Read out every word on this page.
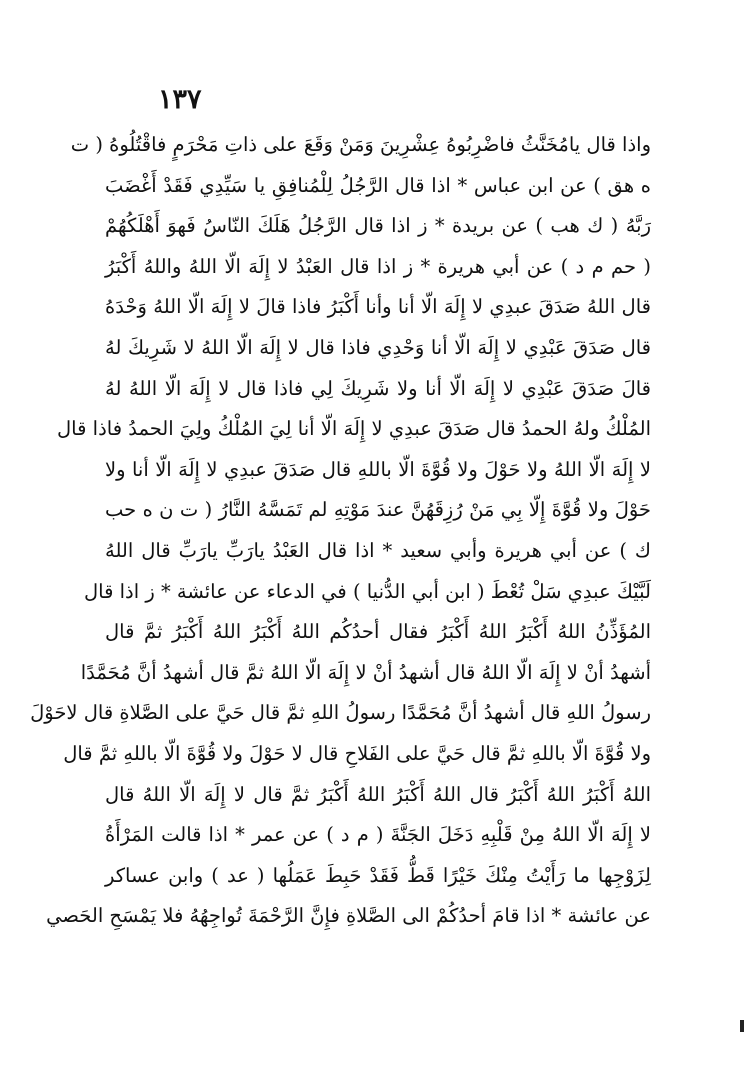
١٣٧
واذا قال يامُخَنَّثُ فاضْرِبُوهُ عِشْرِينَ وَمَنْ وَقَعَ على ذاتِ مَحْرَمٍ فاقْتُلُوهُ ( ت
ه هق ) عن ابن عباس * اذا قال الرَّجُلُ لِلْمُنافِقِ يا سَيِّدِي فَقَدْ أَغْضَبَ
رَبَّهُ ( ك هب ) عن بريدة * ز اذا قال الرَّجُلُ هَلَكَ النّاسُ فَهوَ أَهْلَكُهُمْ
( حم م د ) عن أبي هريرة * ز اذا قال العَبْدُ لا إِلَهَ الّا اللهُ واللهُ أَكْبَرُ
قال اللهُ صَدَقَ عبدِي لا إِلَهَ الّا أنا وأنا أَكْبَرُ فاذا قالَ لا إِلَهَ الّا اللهُ وَحْدَهُ
قال صَدَقَ عَبْدِي لا إِلَهَ الّا أنا وَحْدِي فاذا قال لا إِلَهَ الّا اللهُ لا شَرِيكَ لهُ
قالَ صَدَقَ عَبْدِي لا إِلَهَ الّا أنا ولا شَرِيكَ لِي فاذا قال لا إِلَهَ الّا اللهُ لهُ
المُلْكُ ولهُ الحمدُ قال صَدَقَ عبدِي لا إِلَهَ الّا أنا لِيَ المُلْكُ ولِيَ الحمدُ فاذا قال
لا إِلَهَ الّا اللهُ ولا حَوْلَ ولا قُوَّةَ الّا باللهِ قال صَدَقَ عبدِي لا إِلَهَ الّا أنا ولا
حَوْلَ ولا قُوَّةَ إِلّا بِي مَنْ رُزِقَهُنَّ عندَ مَوْتِهِ لم تَمَسَّهُ النَّارُ ( ت ن ه حب
ك ) عن أبي هريرة وأبي سعيد * اذا قال العَبْدُ يارَبِّ يارَبِّ قال اللهُ
لَبَّيْكَ عبدِي سَلْ تُعْطَ ( ابن أبي الدُّنيا ) في الدعاء عن عائشة * ز اذا قال
المُؤَذِّنُ اللهُ أَكْبَرُ اللهُ أَكْبَرُ فقال أحدُكُم اللهُ أَكْبَرُ اللهُ أَكْبَرُ ثمَّ قال
أشهدُ أنْ لا إِلَهَ الّا اللهُ قال أشهدُ أنْ لا إِلَهَ الّا اللهُ ثمَّ قال أشهدُ أنَّ مُحَمَّدًا
رسولُ اللهِ قال أشهدُ أنَّ مُحَمَّدًا رسولُ اللهِ ثمَّ قال حَيَّ على الصَّلاةِ قال لاحَوْلَ
ولا قُوَّةَ الّا باللهِ ثمَّ قال حَيَّ على الفَلاحِ قال لا حَوْلَ ولا قُوَّةَ الّا باللهِ ثمَّ قال
اللهُ أَكْبَرُ اللهُ أَكْبَرُ قال اللهُ أَكْبَرُ اللهُ أَكْبَرُ ثمَّ قال لا إِلَهَ الّا اللهُ قال
لا إِلَهَ الّا اللهُ مِنْ قَلْبِهِ دَخَلَ الجَنَّةَ ( م د ) عن عمر * اذا قالت المَرْأَةُ
لِزَوْجِها ما رَأَيْتُ مِنْكَ خَيْرًا قَطُّ فَقَدْ حَبِطَ عَمَلُها ( عد ) وابن عساكر
عن عائشة * اذا قامَ أحدُكُمْ الى الصَّلاةِ فإِنَّ الرَّحْمَةَ تُواجِهُهُ فلا يَمْسَحِ الحَصي
